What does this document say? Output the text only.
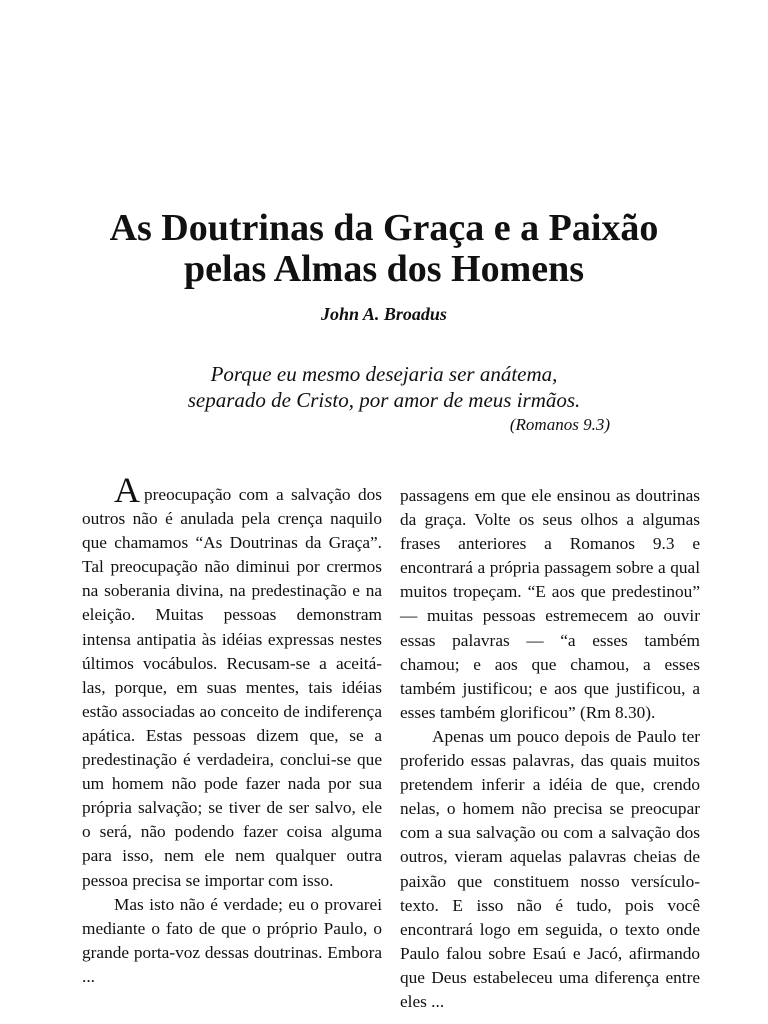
As Doutrinas da Graça e a Paixão
pelas Almas dos Homens
John A. Broadus
Porque eu mesmo desejaria ser anátema,
separado de Cristo, por amor de meus irmãos.
(Romanos 9.3)

Apreocupação com a salvação dos outros não é anulada pela crença naquilo que chamamos “As Doutrinas da Graça”. Tal preocupação não diminui por crermos na soberania divina, na predestinação e na eleição. Muitas pessoas demonstram intensa antipatia às idéias expressas nestes últimos vocábulos. Recusam-se a aceitá-las, porque, em suas mentes, tais idéias estão associadas ao conceito de indiferença apática. Estas pessoas dizem que, se a predestinação é verdadeira, conclui-se que um homem não pode fazer nada por sua própria salvação; se tiver de ser salvo, ele o será, não podendo fazer coisa alguma para isso, nem ele nem qualquer outra pessoa precisa se importar com isso.

Mas isto não é verdade; eu o provarei mediante o fato de que o próprio Paulo, o grande porta-voz dessas doutrinas. Embora ...

passagens em que ele ensinou as doutrinas da graça. Volte os seus olhos a algumas frases anteriores a Romanos 9.3 e encontrará a própria passagem sobre a qual muitos tropeçam. “E aos que predestinou” — muitas pessoas estremecem ao ouvir essas palavras — “a esses também chamou; e aos que chamou, a esses também justificou; e aos que justificou, a esses também glorificou” (Rm 8.30).

Apenas um pouco depois de Paulo ter proferido essas palavras, das quais muitos pretendem inferir a idéia de que, crendo nelas, o homem não precisa se preocupar com a sua salvação ou com a salvação dos outros, vieram aquelas palavras cheias de paixão que constituem nosso versículo-texto. E isso não é tudo, pois você encontrará logo em seguida, o texto onde Paulo falou sobre Esaú e Jacó, afirmando que Deus estabeleceu uma diferença entre eles ...
